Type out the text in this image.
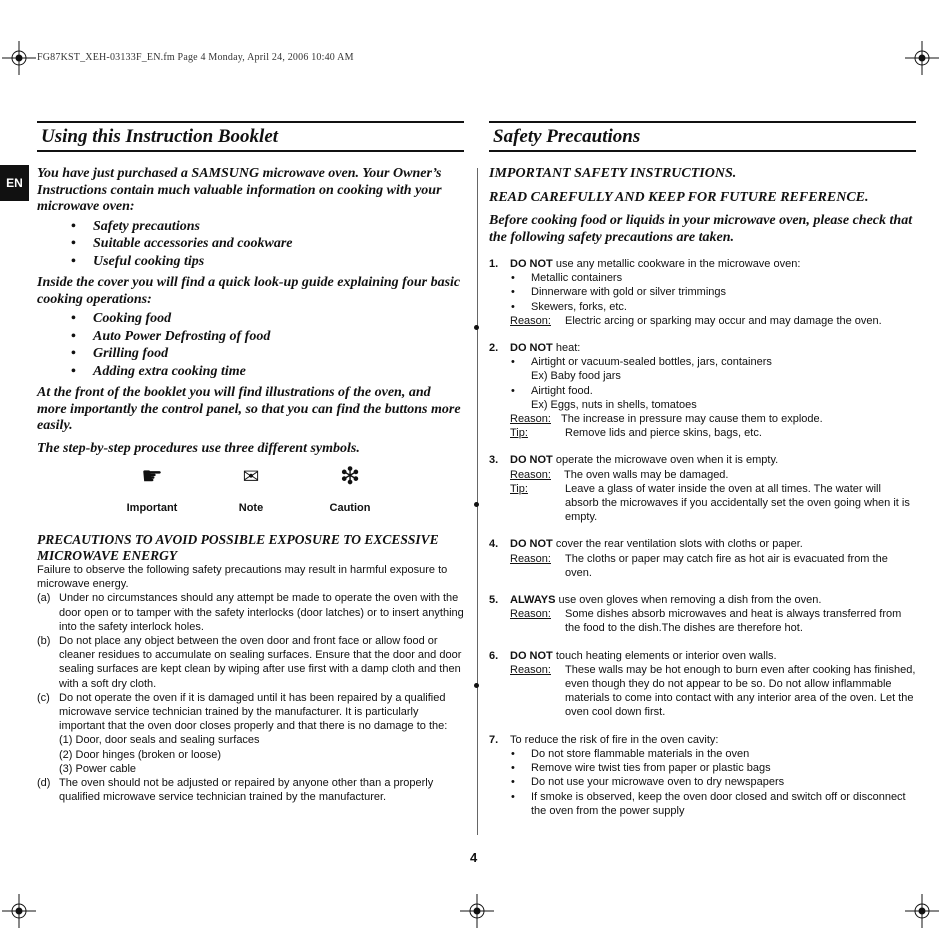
FG87KST_XEH-03133F_EN.fm Page 4 Monday, April 24, 2006 10:40 AM
EN
Using this Instruction Booklet
You have just purchased a SAMSUNG microwave oven. Your Owner’s Instructions contain much valuable information on cooking with your microwave oven:
• Safety precautions
• Suitable accessories and cookware
• Useful cooking tips
Inside the cover you will find a quick look-up guide explaining four basic cooking operations:
• Cooking food
• Auto Power Defrosting of food
• Grilling food
• Adding extra cooking time
At the front of the booklet you will find illustrations of the oven, and more importantly the control panel, so that you can find the buttons more easily.
The step-by-step procedures use three different symbols.
☛
Important
✉
Note
❇
Caution
PRECAUTIONS TO AVOID POSSIBLE EXPOSURE TO EXCESSIVE MICROWAVE ENERGY
Failure to observe the following safety precautions may result in harmful exposure to microwave energy.
(a) Under no circumstances should any attempt be made to operate the oven with the door open or to tamper with the safety interlocks (door latches) or to insert anything into the safety interlock holes.
(b) Do not place any object between the oven door and front face or allow food or cleaner residues to accumulate on sealing surfaces. Ensure that the door and door sealing surfaces are kept clean by wiping after use first with a damp cloth and then with a soft dry cloth.
(c) Do not operate the oven if it is damaged until it has been repaired by a qualified microwave service technician trained by the manufacturer. It is particularly important that the oven door closes properly and that there is no damage to the:
(1) Door, door seals and sealing surfaces
(2) Door hinges (broken or loose)
(3) Power cable
(d) The oven should not be adjusted or repaired by anyone other than a properly qualified microwave service technician trained by the manufacturer.
Safety Precautions
IMPORTANT SAFETY INSTRUCTIONS.
READ CAREFULLY AND KEEP FOR FUTURE REFERENCE.
Before cooking food or liquids in your microwave oven, please check that the following safety precautions are taken.
1. DO NOT use any metallic cookware in the microwave oven:
• Metallic containers
• Dinnerware with gold or silver trimmings
• Skewers, forks, etc.
Reason:	Electric arcing or sparking may occur and may damage the oven.
2. DO NOT heat:
• Airtight or vacuum-sealed bottles, jars, containers
Ex) Baby food jars
• Airtight food.
Ex) Eggs, nuts in shells, tomatoes
Reason: The increase in pressure may cause them to explode.
Tip:	Remove lids and pierce skins, bags, etc.
3. DO NOT operate the microwave oven when it is empty.
Reason:	The oven walls may be damaged.
Tip:	Leave a glass of water inside the oven at all times. The water will absorb the microwaves if you accidentally set the oven going when it is empty.
4. DO NOT cover the rear ventilation slots with cloths or paper.
Reason:	The cloths or paper may catch fire as hot air is evacuated from the oven.
5. ALWAYS use oven gloves when removing a dish from the oven.
Reason:	Some dishes absorb microwaves and heat is always transferred from the food to the dish.The dishes are therefore hot.
6. DO NOT touch heating elements or interior oven walls.
Reason:	These walls may be hot enough to burn even after cooking has finished, even though they do not appear to be so. Do not allow inflammable materials to come into contact with any interior area of the oven. Let the oven cool down first.
7. To reduce the risk of fire in the oven cavity:
• Do not store flammable materials in the oven
• Remove wire twist ties from paper or plastic bags
• Do not use your microwave oven to dry newspapers
• If smoke is observed, keep the oven door closed and switch off or disconnect the oven from the power supply
4
